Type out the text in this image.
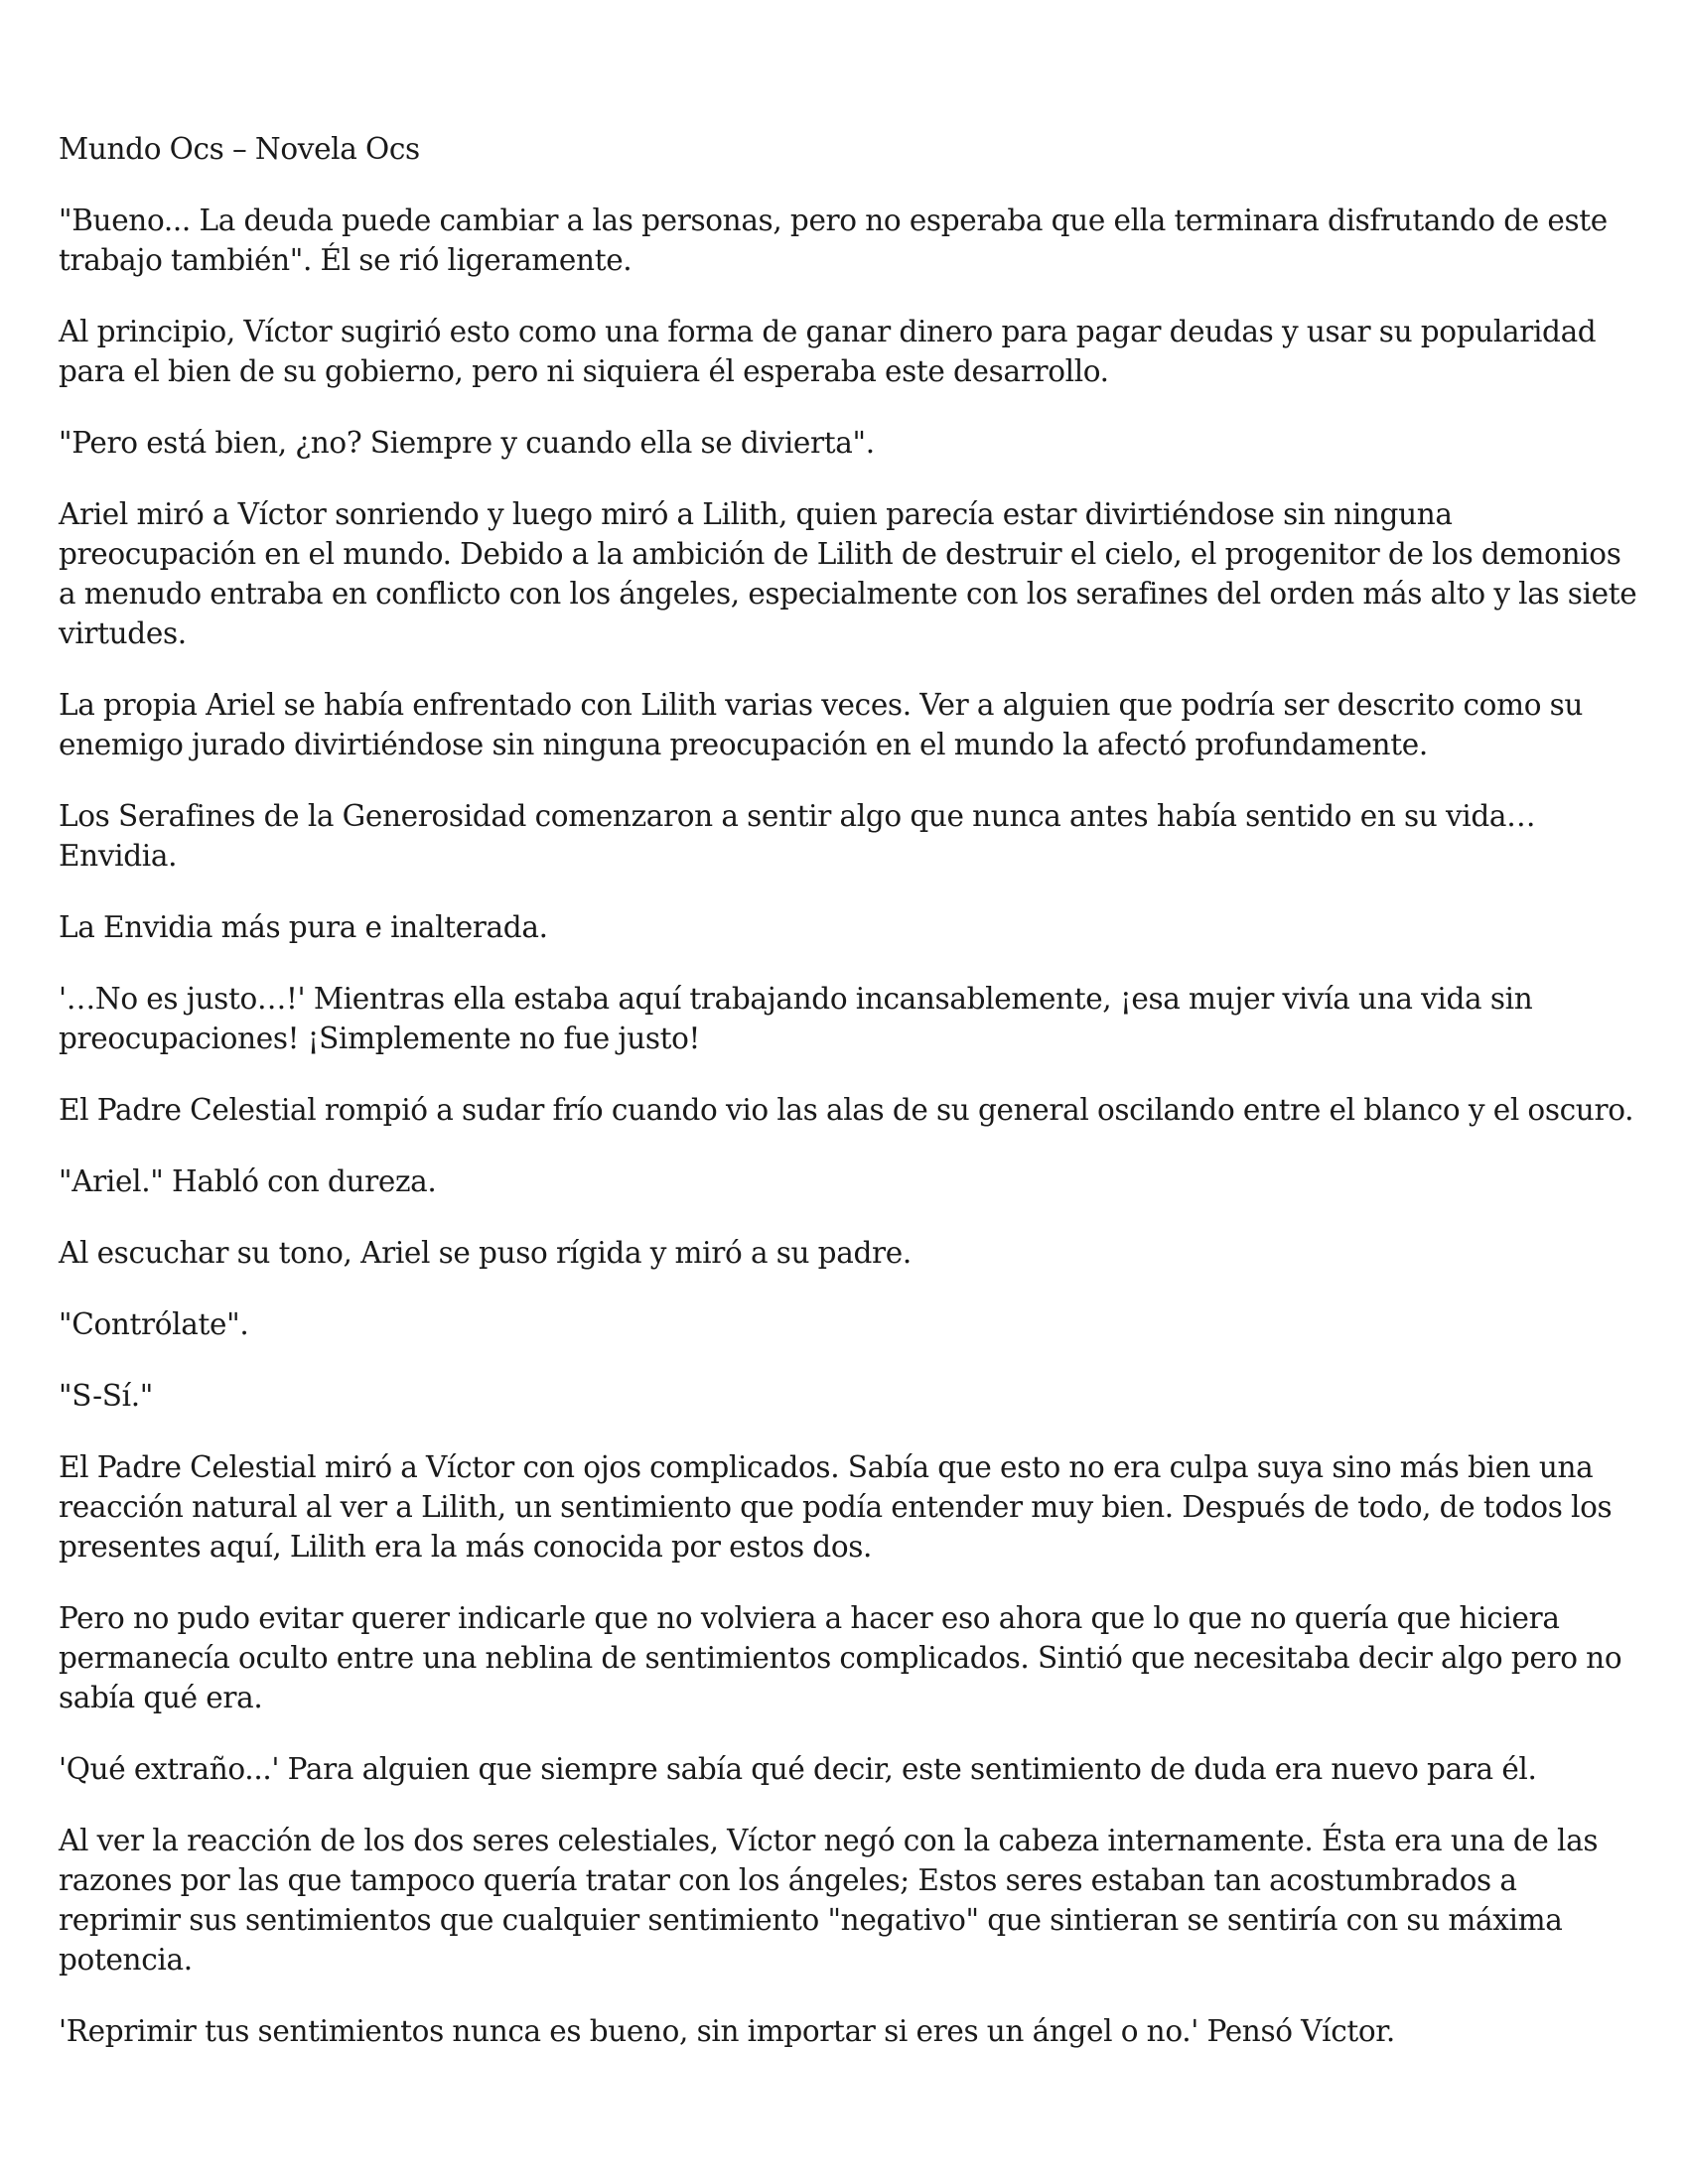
Mundo Ocs – Novela Ocs

"Bueno... La deuda puede cambiar a las personas, pero no esperaba que ella terminara disfrutando de este trabajo también". Él se rió ligeramente.

Al principio, Víctor sugirió esto como una forma de ganar dinero para pagar deudas y usar su popularidad para el bien de su gobierno, pero ni siquiera él esperaba este desarrollo.

"Pero está bien, ¿no? Siempre y cuando ella se divierta".

Ariel miró a Víctor sonriendo y luego miró a Lilith, quien parecía estar divirtiéndose sin ninguna preocupación en el mundo. Debido a la ambición de Lilith de destruir el cielo, el progenitor de los demonios a menudo entraba en conflicto con los ángeles, especialmente con los serafines del orden más alto y las siete virtudes.

La propia Ariel se había enfrentado con Lilith varias veces. Ver a alguien que podría ser descrito como su enemigo jurado divirtiéndose sin ninguna preocupación en el mundo la afectó profundamente.

Los Serafines de la Generosidad comenzaron a sentir algo que nunca antes había sentido en su vida… Envidia.

La Envidia más pura e inalterada.

'…No es justo…!' Mientras ella estaba aquí trabajando incansablemente, ¡esa mujer vivía una vida sin preocupaciones! ¡Simplemente no fue justo!

El Padre Celestial rompió a sudar frío cuando vio las alas de su general oscilando entre el blanco y el oscuro.

"Ariel." Habló con dureza.

Al escuchar su tono, Ariel se puso rígida y miró a su padre.

"Contrólate".

"S-Sí."

El Padre Celestial miró a Víctor con ojos complicados. Sabía que esto no era culpa suya sino más bien una reacción natural al ver a Lilith, un sentimiento que podía entender muy bien. Después de todo, de todos los presentes aquí, Lilith era la más conocida por estos dos.

Pero no pudo evitar querer indicarle que no volviera a hacer eso ahora que lo que no quería que hiciera permanecía oculto entre una neblina de sentimientos complicados. Sintió que necesitaba decir algo pero no sabía qué era.

'Qué extraño...' Para alguien que siempre sabía qué decir, este sentimiento de duda era nuevo para él.

Al ver la reacción de los dos seres celestiales, Víctor negó con la cabeza internamente. Ésta era una de las razones por las que tampoco quería tratar con los ángeles; Estos seres estaban tan acostumbrados a reprimir sus sentimientos que cualquier sentimiento "negativo" que sintieran se sentiría con su máxima potencia.

'Reprimir tus sentimientos nunca es bueno, sin importar si eres un ángel o no.' Pensó Víctor.
